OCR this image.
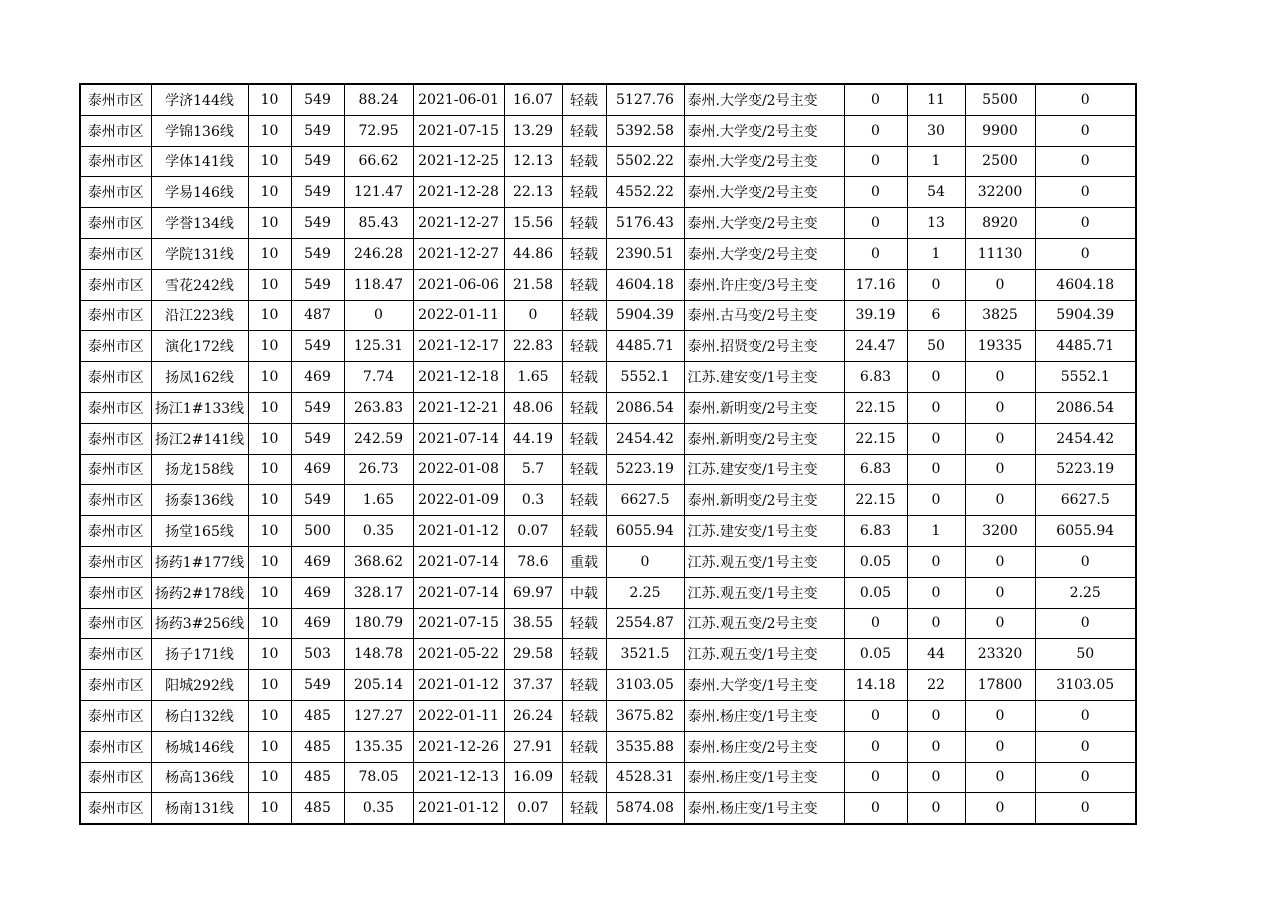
泰州市区	学济144线	10	549	88.24	2021-06-01	16.07	轻载	5127.76	泰州.大学变/2号主变	0	11	5500	0
泰州市区	学锦136线	10	549	72.95	2021-07-15	13.29	轻载	5392.58	泰州.大学变/2号主变	0	30	9900	0
泰州市区	学体141线	10	549	66.62	2021-12-25	12.13	轻载	5502.22	泰州.大学变/2号主变	0	1	2500	0
泰州市区	学易146线	10	549	121.47	2021-12-28	22.13	轻载	4552.22	泰州.大学变/2号主变	0	54	32200	0
泰州市区	学誉134线	10	549	85.43	2021-12-27	15.56	轻载	5176.43	泰州.大学变/2号主变	0	13	8920	0
泰州市区	学院131线	10	549	246.28	2021-12-27	44.86	轻载	2390.51	泰州.大学变/2号主变	0	1	11130	0
泰州市区	雪花242线	10	549	118.47	2021-06-06	21.58	轻载	4604.18	泰州.许庄变/3号主变	17.16	0	0	4604.18
泰州市区	沿江223线	10	487	0	2022-01-11	0	轻载	5904.39	泰州.古马变/2号主变	39.19	6	3825	5904.39
泰州市区	演化172线	10	549	125.31	2021-12-17	22.83	轻载	4485.71	泰州.招贤变/2号主变	24.47	50	19335	4485.71
泰州市区	扬凤162线	10	469	7.74	2021-12-18	1.65	轻载	5552.1	江苏.建安变/1号主变	6.83	0	0	5552.1
泰州市区	扬江1#133线	10	549	263.83	2021-12-21	48.06	轻载	2086.54	泰州.新明变/2号主变	22.15	0	0	2086.54
泰州市区	扬江2#141线	10	549	242.59	2021-07-14	44.19	轻载	2454.42	泰州.新明变/2号主变	22.15	0	0	2454.42
泰州市区	扬龙158线	10	469	26.73	2022-01-08	5.7	轻载	5223.19	江苏.建安变/1号主变	6.83	0	0	5223.19
泰州市区	扬泰136线	10	549	1.65	2022-01-09	0.3	轻载	6627.5	泰州.新明变/2号主变	22.15	0	0	6627.5
泰州市区	扬堂165线	10	500	0.35	2021-01-12	0.07	轻载	6055.94	江苏.建安变/1号主变	6.83	1	3200	6055.94
泰州市区	扬药1#177线	10	469	368.62	2021-07-14	78.6	重载	0	江苏.观五变/1号主变	0.05	0	0	0
泰州市区	扬药2#178线	10	469	328.17	2021-07-14	69.97	中载	2.25	江苏.观五变/1号主变	0.05	0	0	2.25
泰州市区	扬药3#256线	10	469	180.79	2021-07-15	38.55	轻载	2554.87	江苏.观五变/2号主变	0	0	0	0
泰州市区	扬子171线	10	503	148.78	2021-05-22	29.58	轻载	3521.5	江苏.观五变/1号主变	0.05	44	23320	50
泰州市区	阳城292线	10	549	205.14	2021-01-12	37.37	轻载	3103.05	泰州.大学变/1号主变	14.18	22	17800	3103.05
泰州市区	杨白132线	10	485	127.27	2022-01-11	26.24	轻载	3675.82	泰州.杨庄变/1号主变	0	0	0	0
泰州市区	杨城146线	10	485	135.35	2021-12-26	27.91	轻载	3535.88	泰州.杨庄变/2号主变	0	0	0	0
泰州市区	杨高136线	10	485	78.05	2021-12-13	16.09	轻载	4528.31	泰州.杨庄变/1号主变	0	0	0	0
泰州市区	杨南131线	10	485	0.35	2021-01-12	0.07	轻载	5874.08	泰州.杨庄变/1号主变	0	0	0	0
